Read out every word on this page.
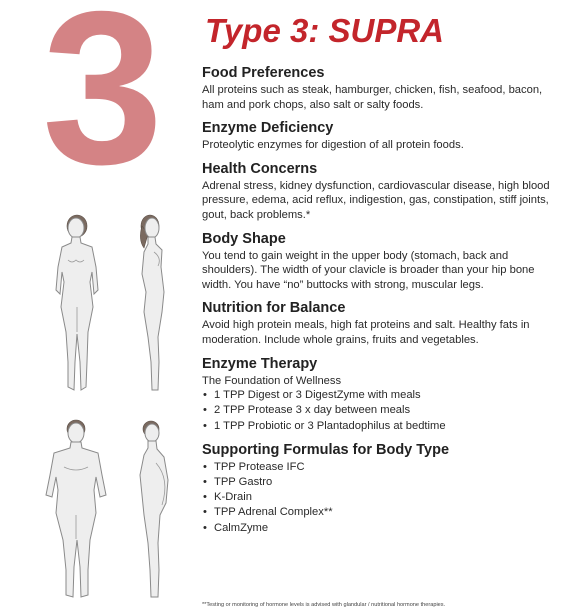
3 Type 3: SUPRA
Food Preferences

All proteins such as steak, hamburger, chicken, fish, seafood, bacon, ham and pork chops, also salt or salty foods.

Enzyme Deficiency

Proteolytic enzymes for digestion of all protein foods.

Health Concerns

Adrenal stress, kidney dysfunction, cardiovascular disease, high blood pressure, edema, acid reflux, indigestion, gas, constipation, stiff joints, gout, back problems.*

Body Shape

You tend to gain weight in the upper body (stomach, back and shoulders). The width of your clavicle is broader than your hip bone width. You have “no” buttocks with strong, muscular legs.

Nutrition for Balance

Avoid high protein meals, high fat proteins and salt. Healthy fats in moderation. Include whole grains, fruits and vegetables.

Enzyme Therapy

The Foundation of Wellness

• 1 TPP Digest or 3 DigestZyme with meals
• 2 TPP Protease 3 x day between meals
• 1 TPP Probiotic or 3 Plantadophilus at bedtime
Supporting Formulas for Body Type
• TPP Protease IFC
• TPP Gastro
• K-Drain
• TPP Adrenal Complex**
• CalmZyme
**Testing or monitoring of hormone levels is advised with glandular / nutritional hormone therapies.
